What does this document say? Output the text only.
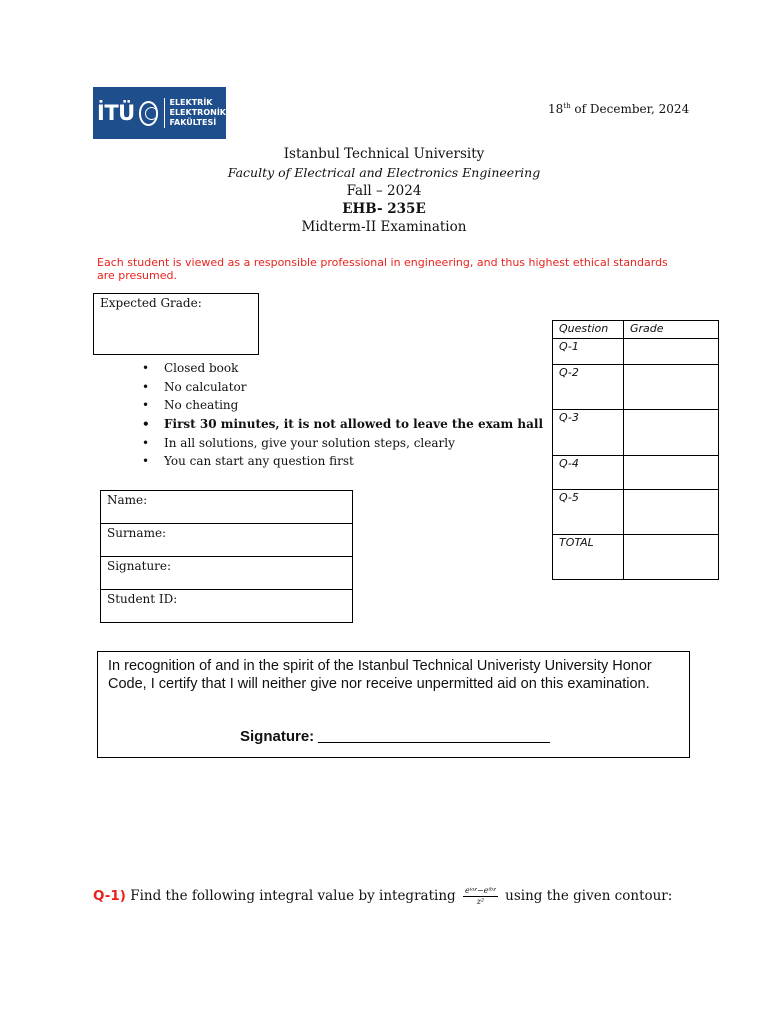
İTÜ	ELEKTRİK
ELEKTRONİK
FAKÜLTESİ
18th of December, 2024
Istanbul Technical University
Faculty of Electrical and Electronics Engineering
Fall – 2024
EHB- 235E
Midterm-II Examination
Each student is viewed as a responsible professional in engineering, and thus highest ethical standards are presumed.
Expected Grade:
• Closed book
• No calculator
• No cheating
• First 30 minutes, it is not allowed to leave the exam hall
• In all solutions, give your solution steps, clearly
• You can start any question first
Name:
Surname:
Signature:
Student ID:
Question	Grade
Q-1	
Q-2	
Q-3	
Q-4	
Q-5	
TOTAL	
In recognition of and in the spirit of the Istanbul Technical Univeristy University Honor Code, I certify that I will neither give nor receive unpermitted aid on this examination.
Signature:
Q-1) Find the following integral value by integrating $\frac{\text{eⁱᵃᶻ−eⁱᵇᶻ}}{\text{z²}}$ using the given contour:
